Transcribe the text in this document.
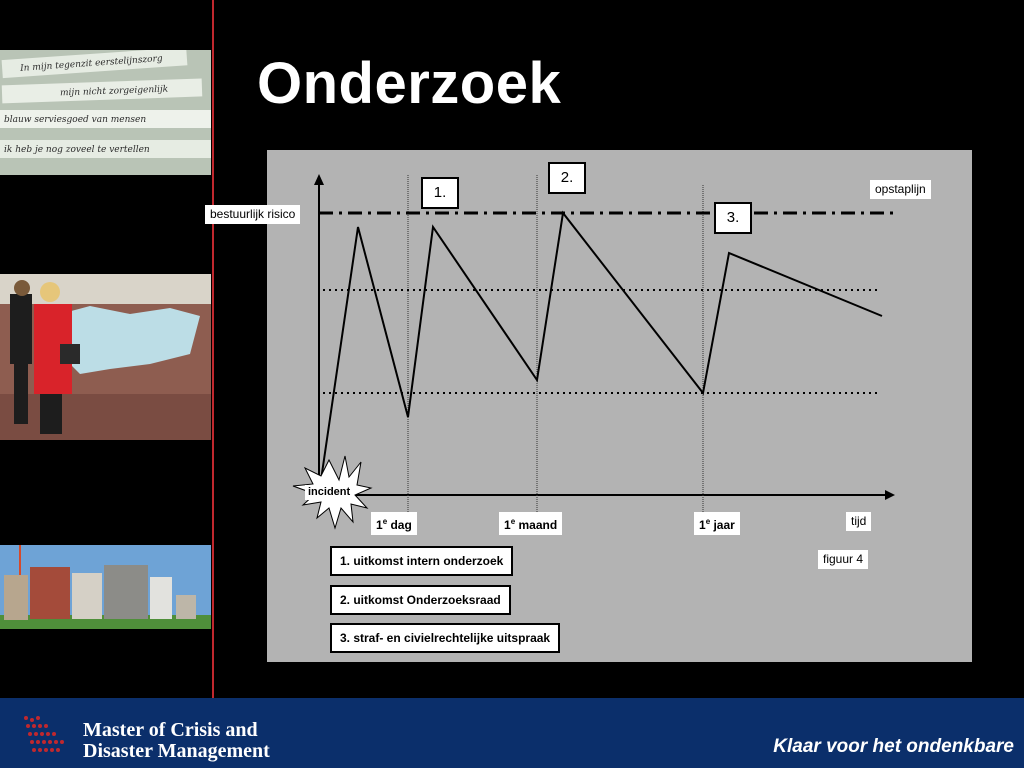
In mijn tegenzit eerstelijnszorg
mijn nicht zorgeigenlijk
blauw serviesgoed van mensen
ik heb je nog zoveel te vertellen
Onderzoek
incident
bestuurlijk risico
opstaplijn
1.
2.
3.
1e dag	1e maand	1e jaar	tijd
figuur 4
1. uitkomst intern onderzoek
2. uitkomst Onderzoeksraad
3. straf- en civielrechtelijke uitspraak
Master of Crisis and
Disaster Management	Klaar voor het ondenkbare
